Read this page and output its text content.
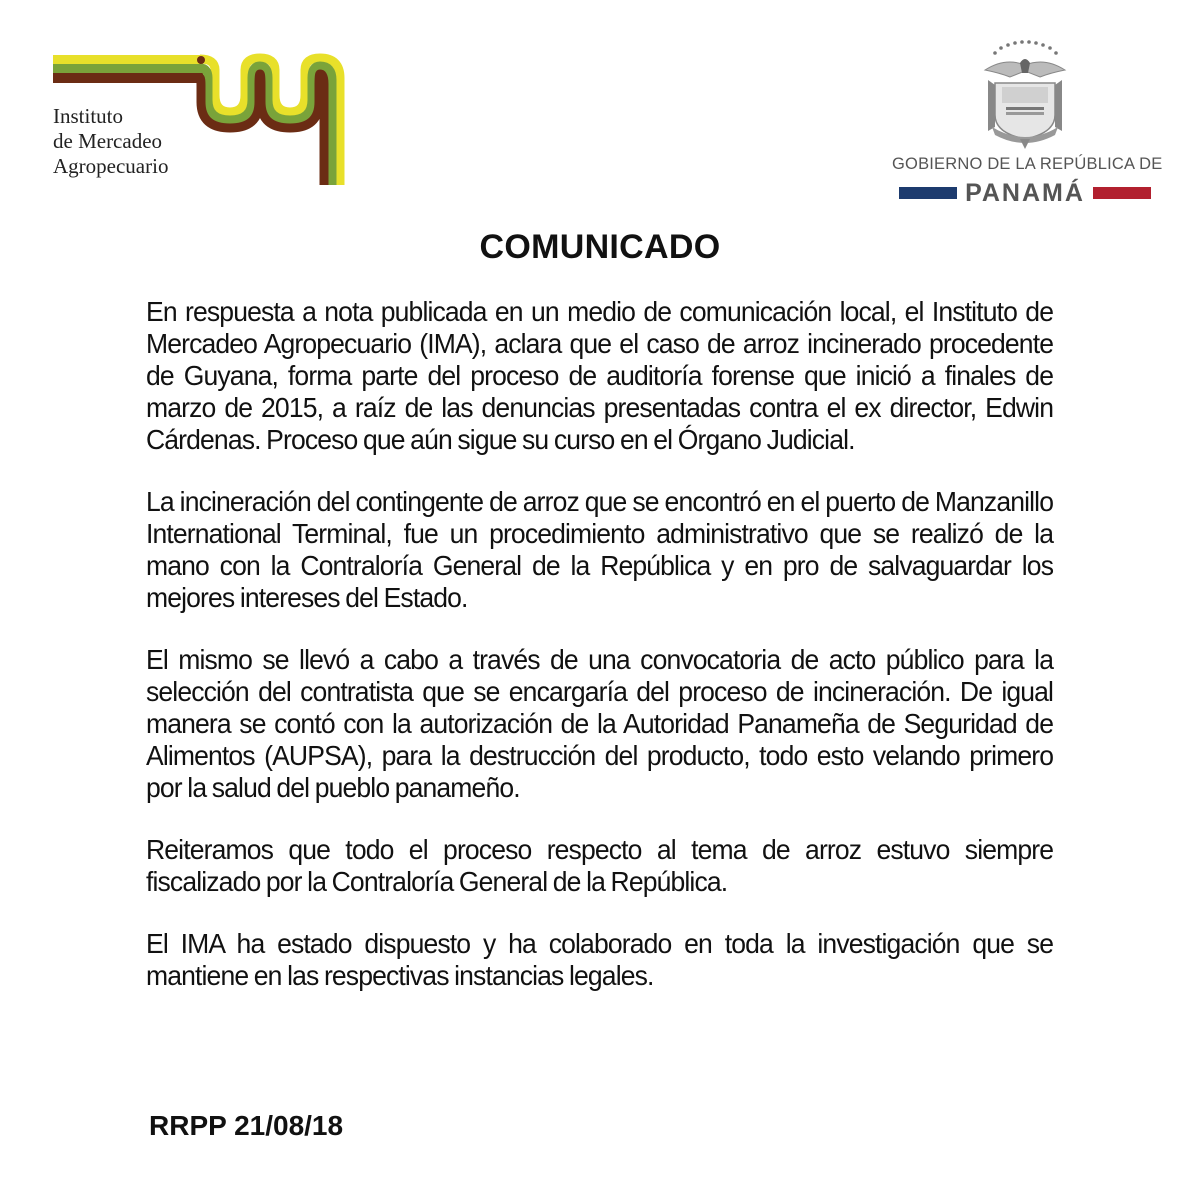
Instituto
de Mercadeo
Agropecuario	GOBIERNO DE LA REPÚBLICA DE
PANAMÁ
COMUNICADO

En respuesta a nota publicada en un medio de comunicación local, el Instituto de Mercadeo Agropecuario (IMA), aclara que el caso de arroz incinerado procedente de Guyana, forma parte del proceso de auditoría forense que inició a finales de marzo de 2015, a raíz de las denuncias presentadas contra el ex director, Edwin Cárdenas. Proceso que aún sigue su curso en el Órgano Judicial.

La incineración del contingente de arroz que se encontró en el puerto de Manzanillo International Terminal, fue un procedimiento administrativo que se realizó de la mano con la Contraloría General de la República y en pro de salvaguardar los mejores intereses del Estado.

El mismo se llevó a cabo a través de una convocatoria de acto público para la selección del contratista que se encargaría del proceso de incineración. De igual manera se contó con la autorización de la Autoridad Panameña de Seguridad de Alimentos (AUPSA), para la destrucción del producto, todo esto velando primero por la salud del pueblo panameño.

Reiteramos que todo el proceso respecto al tema de arroz estuvo siempre fiscalizado por la Contraloría General de la República.

El IMA ha estado dispuesto y ha colaborado en toda la investigación que se mantiene en las respectivas instancias legales.

RRPP 21/08/18
